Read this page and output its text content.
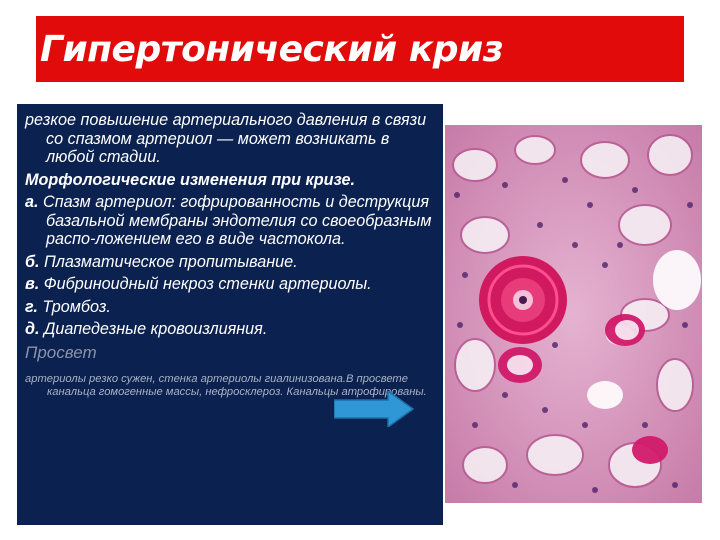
Гипертонический криз

резкое повышение артериального давления в связи со спазмом артериол — может возникать в любой стадии.

Морфологические изменения при кризе.

а. Спазм артериол: гофрированность и деструкция базальной мембраны эндотелия со своеобразным распо-ложением его в виде частокола.

б. Плазматическое пропитывание.

в. Фибриноидный некроз стенки артериолы.

г. Тромбоз.

д. Диапедезные кровоизлияния.

Просвет
артериолы резко сужен, стенка артериолы гиалинизована.В просвете канальца гомогенные массы, нефросклероз. Канальцы атрофированы.
